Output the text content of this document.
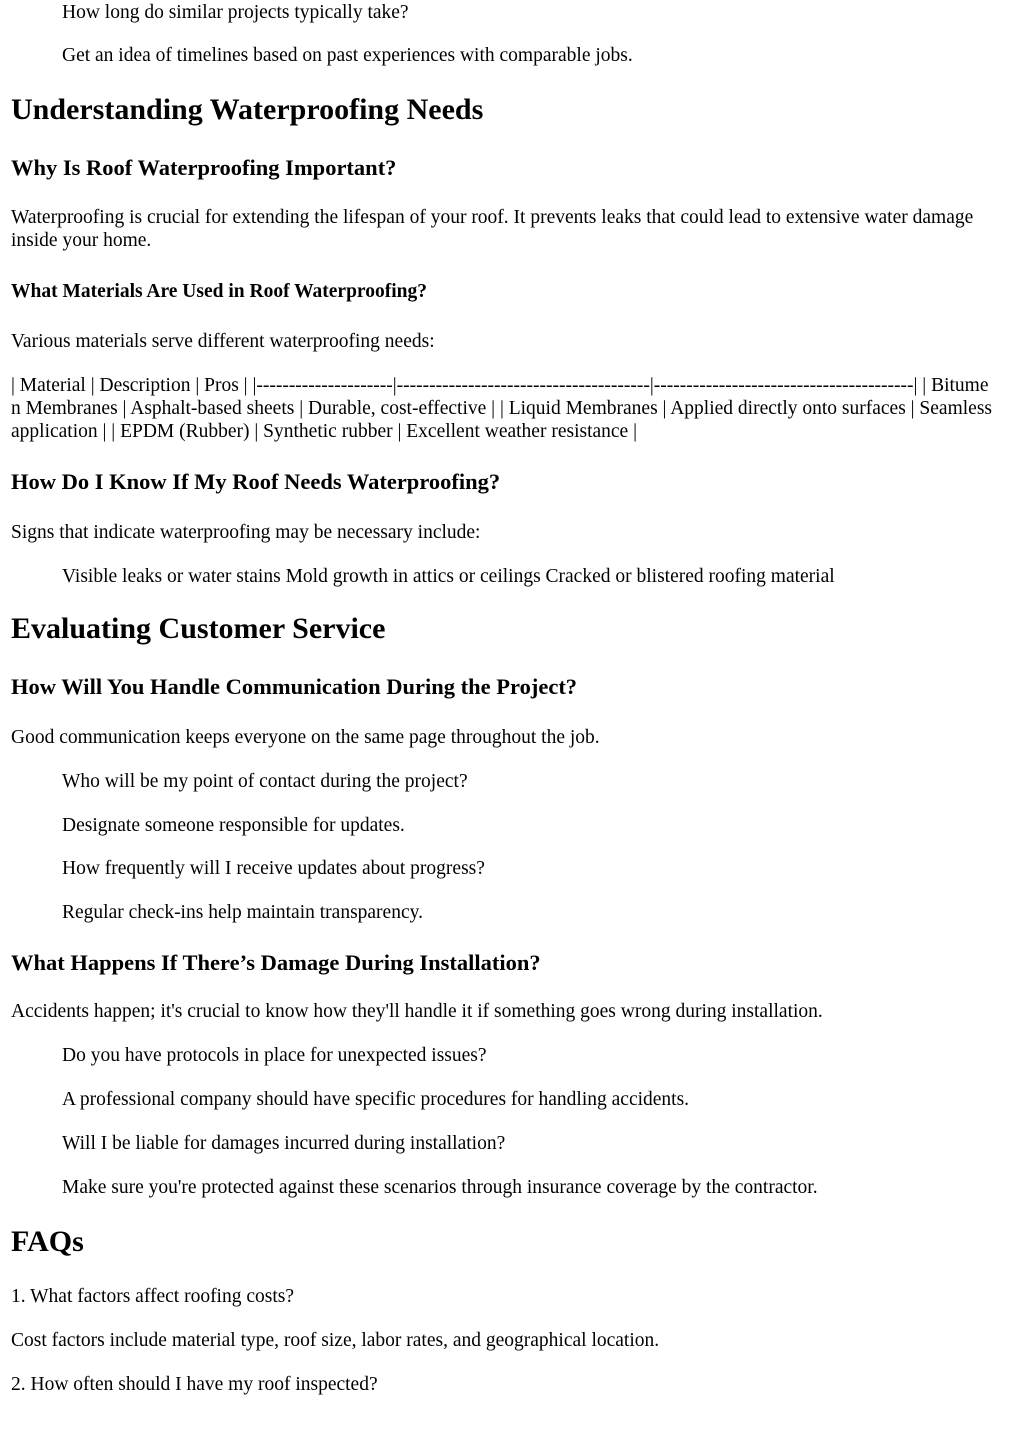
How long do similar projects typically take?

Get an idea of timelines based on past experiences with comparable jobs.

Understanding Waterproofing Needs
Why Is Roof Waterproofing Important?

Waterproofing is crucial for extending the lifespan of your roof. It prevents leaks that could lead to extensive water damage inside your home.

What Materials Are Used in Roof Waterproofing?

Various materials serve different waterproofing needs:

| Material | Description | Pros | |---------------------|---------------------------------------|----------------------------------------| | Bitumen Membranes | Asphalt-based sheets | Durable, cost-effective | | Liquid Membranes | Applied directly onto surfaces | Seamless application | | EPDM (Rubber) | Synthetic rubber | Excellent weather resistance |

How Do I Know If My Roof Needs Waterproofing?

Signs that indicate waterproofing may be necessary include:

Visible leaks or water stains Mold growth in attics or ceilings Cracked or blistered roofing material

Evaluating Customer Service
How Will You Handle Communication During the Project?

Good communication keeps everyone on the same page throughout the job.

Who will be my point of contact during the project?

Designate someone responsible for updates.

How frequently will I receive updates about progress?

Regular check-ins help maintain transparency.

What Happens If There’s Damage During Installation?

Accidents happen; it's crucial to know how they'll handle it if something goes wrong during installation.

Do you have protocols in place for unexpected issues?

A professional company should have specific procedures for handling accidents.

Will I be liable for damages incurred during installation?

Make sure you're protected against these scenarios through insurance coverage by the contractor.

FAQs

1. What factors affect roofing costs?

Cost factors include material type, roof size, labor rates, and geographical location.

2. How often should I have my roof inspected?
